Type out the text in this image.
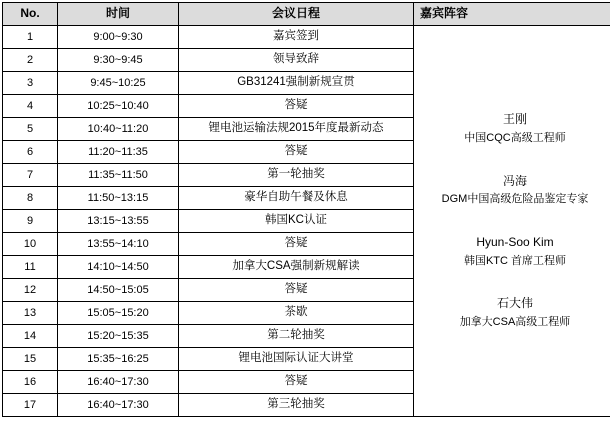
No.	时间	会议日程	嘉宾阵容
1	9:00~9:30	嘉宾签到	
王刚
中国CQC高级工程师
冯海
DGM中国高级危险品鉴定专家
Hyun-Soo Kim
韩国KTC 首席工程师
石大伟
加拿大CSA高级工程师

2	9:30~9:45	领导致辞	
3	9:45~10:25	GB31241强制新规宣贯	
4	10:25~10:40	答疑	
5	10:40~11:20	锂电池运输法规2015年度最新动态	
6	11:20~11:35	答疑	
7	11:35~11:50	第一轮抽奖	
8	11:50~13:15	豪华自助午餐及休息	
9	13:15~13:55	韩国KC认证	
10	13:55~14:10	答疑	
11	14:10~14:50	加拿大CSA强制新规解读	
12	14:50~15:05	答疑	
13	15:05~15:20	茶歇	
14	15:20~15:35	第二轮抽奖	
15	15:35~16:25	锂电池国际认证大讲堂	
16	16:40~17:30	答疑	
17	16:40~17:30	第三轮抽奖	
